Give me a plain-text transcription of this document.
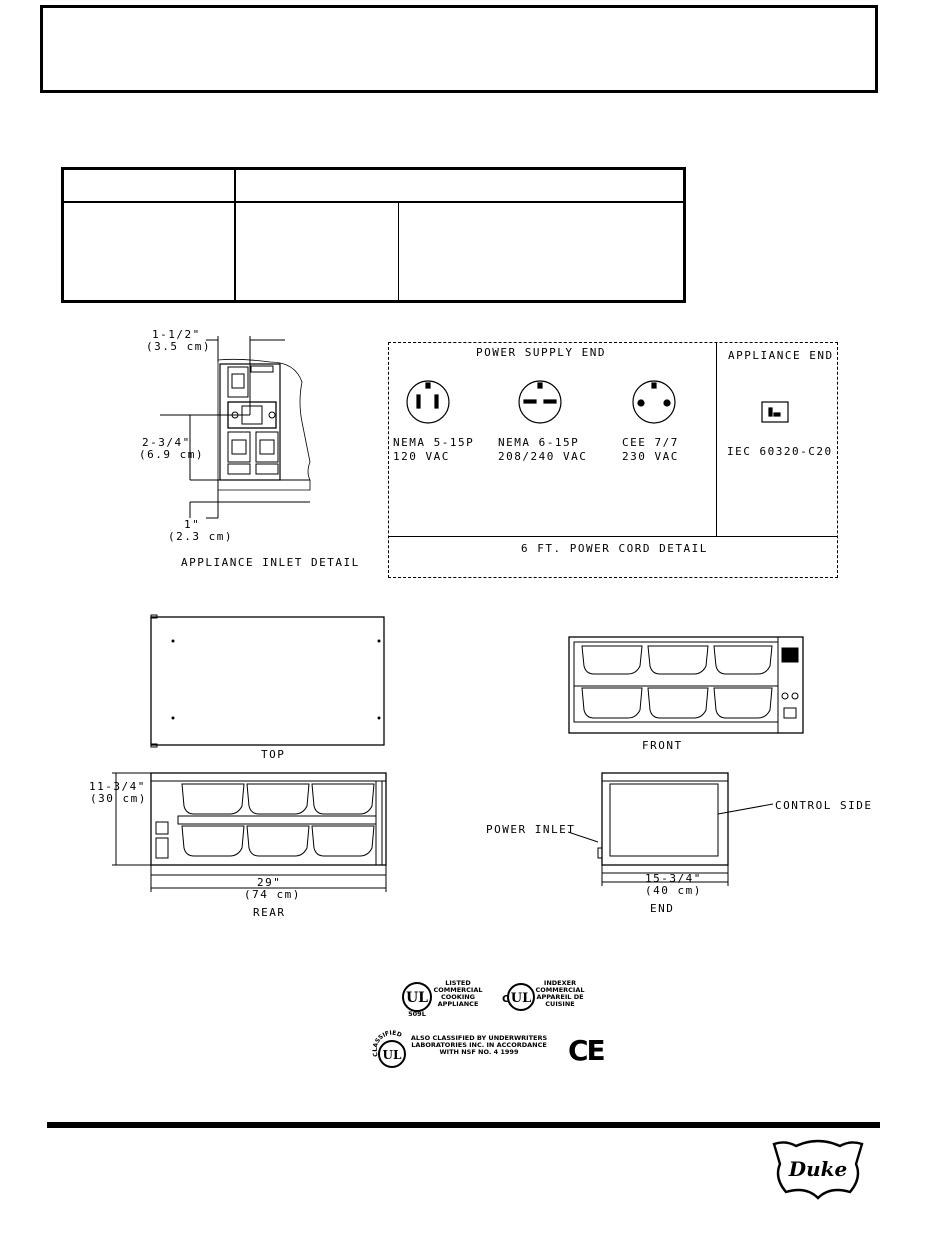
1-1/2"
(3.5 cm)
2-3/4"
(6.9 cm)
1"
(2.3 cm)
APPLIANCE INLET DETAIL
POWER SUPPLY END	APPLIANCE END
NEMA 5-15P
120 VAC
NEMA 6-15P
208/240 VAC
CEE 7/7
230 VAC	IEC 60320-C20
6 FT. POWER CORD DETAIL
TOP
FRONT
11-3/4"
(30 cm)
29"
(74 cm)
REAR
POWER INLET
CONTROL SIDE
15-3/4"
(40 cm)
END
UL
509L
LISTED COMMERCIAL COOKING APPLIANCE	C UL
INDEXER COMMERCIAL APPAREIL DE CUISINE
UL
CLASSIFIED ALSO CLASSIFIED BY UNDERWRITERS LABORATORIES INC. IN ACCORDANCE WITH NSF NO. 4 1999	CE
Duke
